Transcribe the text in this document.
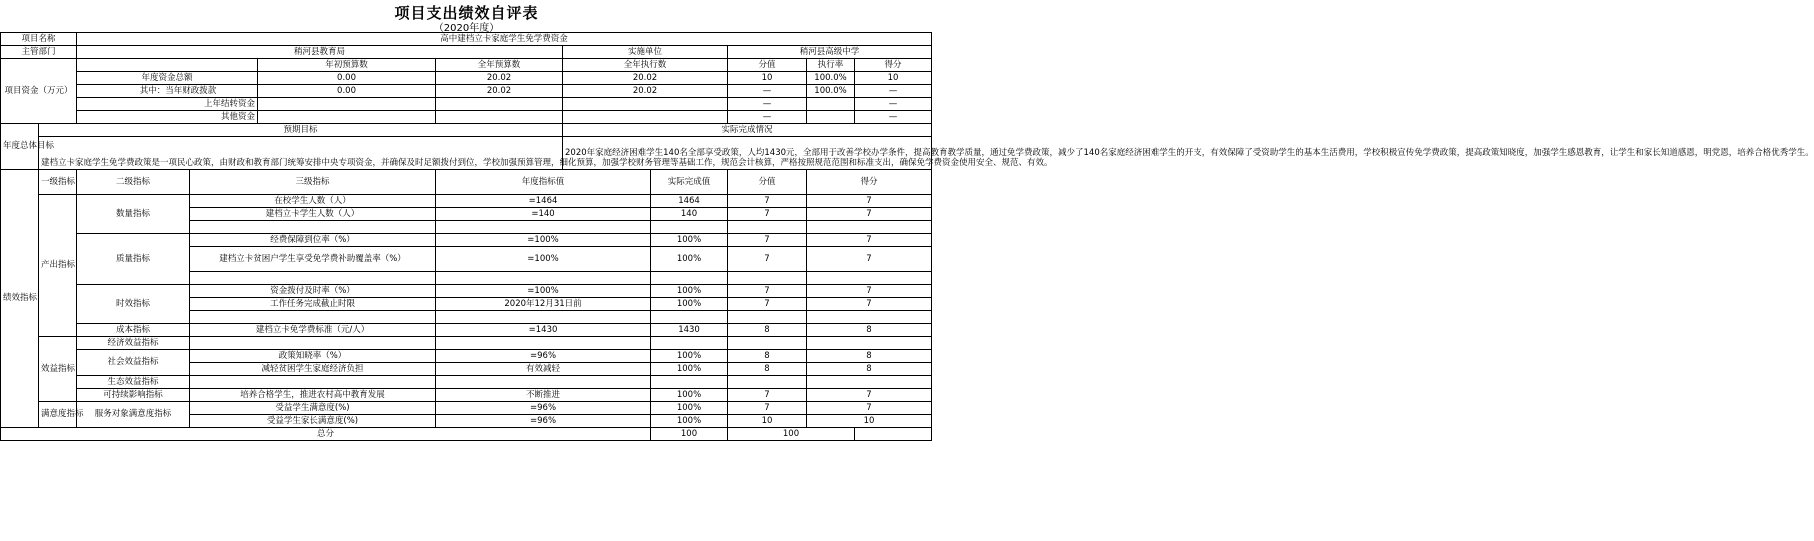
项目支出绩效自评表
（2020年度）
项目名称		高中建档立卡家庭学生免学费资金									
主管部门		稍河县教育局				实施单位		稍河县高级中学			
项目资金（万元）				年初预算数	全年预算数	全年执行数		分值	执行率	得分	
		年度资金总额		0.00	20.02	20.02		10	100.0%	10	
		其中：当年财政拨款		0.00	20.02	20.02		—	100.0%	—	
		上年结转资金						—		—	
		其他资金						—		—	
年度总体目标	预期目标					实际完成情况					
	建档立卡家庭学生免学费政策是一项民心政策，由财政和教育部门统筹安排中央专项资金，并确保及时足额拨付到位，学校加强预算管理，细化预算，加强学校财务管理等基础工作，规范会计核算，严格按照规范范围和标准支出，确保免学费资金使用安全、规范、有效。					2020年家庭经济困难学生140名全部享受政策，人均1430元，全部用于改善学校办学条件，提高教育教学质量，通过免学费政策，减少了140名家庭经济困难学生的开支，有效保障了受资助学生的基本生活费用，学校积极宣传免学费政策，提高政策知晓度，加强学生感恩教育，让学生和家长知道感恩，明党恩，培养合格优秀学生。					
绩效指标	一级指标	二级指标	三级指标		年度指标值		实际完成值	分值	得分	
	产出指标	数量指标	在校学生人数（人）		=1464		1464	7	7		
			建档立卡学生人数（人）		=140		140	7	7		

		质量指标	经费保障到位率（%）		=100%		100%	7	7		
			建档立卡贫困户学生享受免学费补助覆盖率（%）		=100%		100%	7	7		

		时效指标	资金拨付及时率（%）		=100%		100%	7	7		
			工作任务完成截止时限		2020年12月31日前		100%	7	7		

		成本指标	建档立卡免学费标准（元/人）		=1430		1430	8	8		
	效益指标	经济效益指标									
		社会效益指标	政策知晓率（%）		=96%		100%	8	8		
			减轻贫困学生家庭经济负担		有效减轻		100%	8	8		
		生态效益指标									
		可持续影响指标	培养合格学生，推进农村高中教育发展		不断推进		100%	7	7		
	满意度指标	服务对象满意度指标	受益学生满意度(%)		=96%		100%	7	7		
			受益学生家长满意度(%)		=96%		100%	10	10		
总分							100	100			
